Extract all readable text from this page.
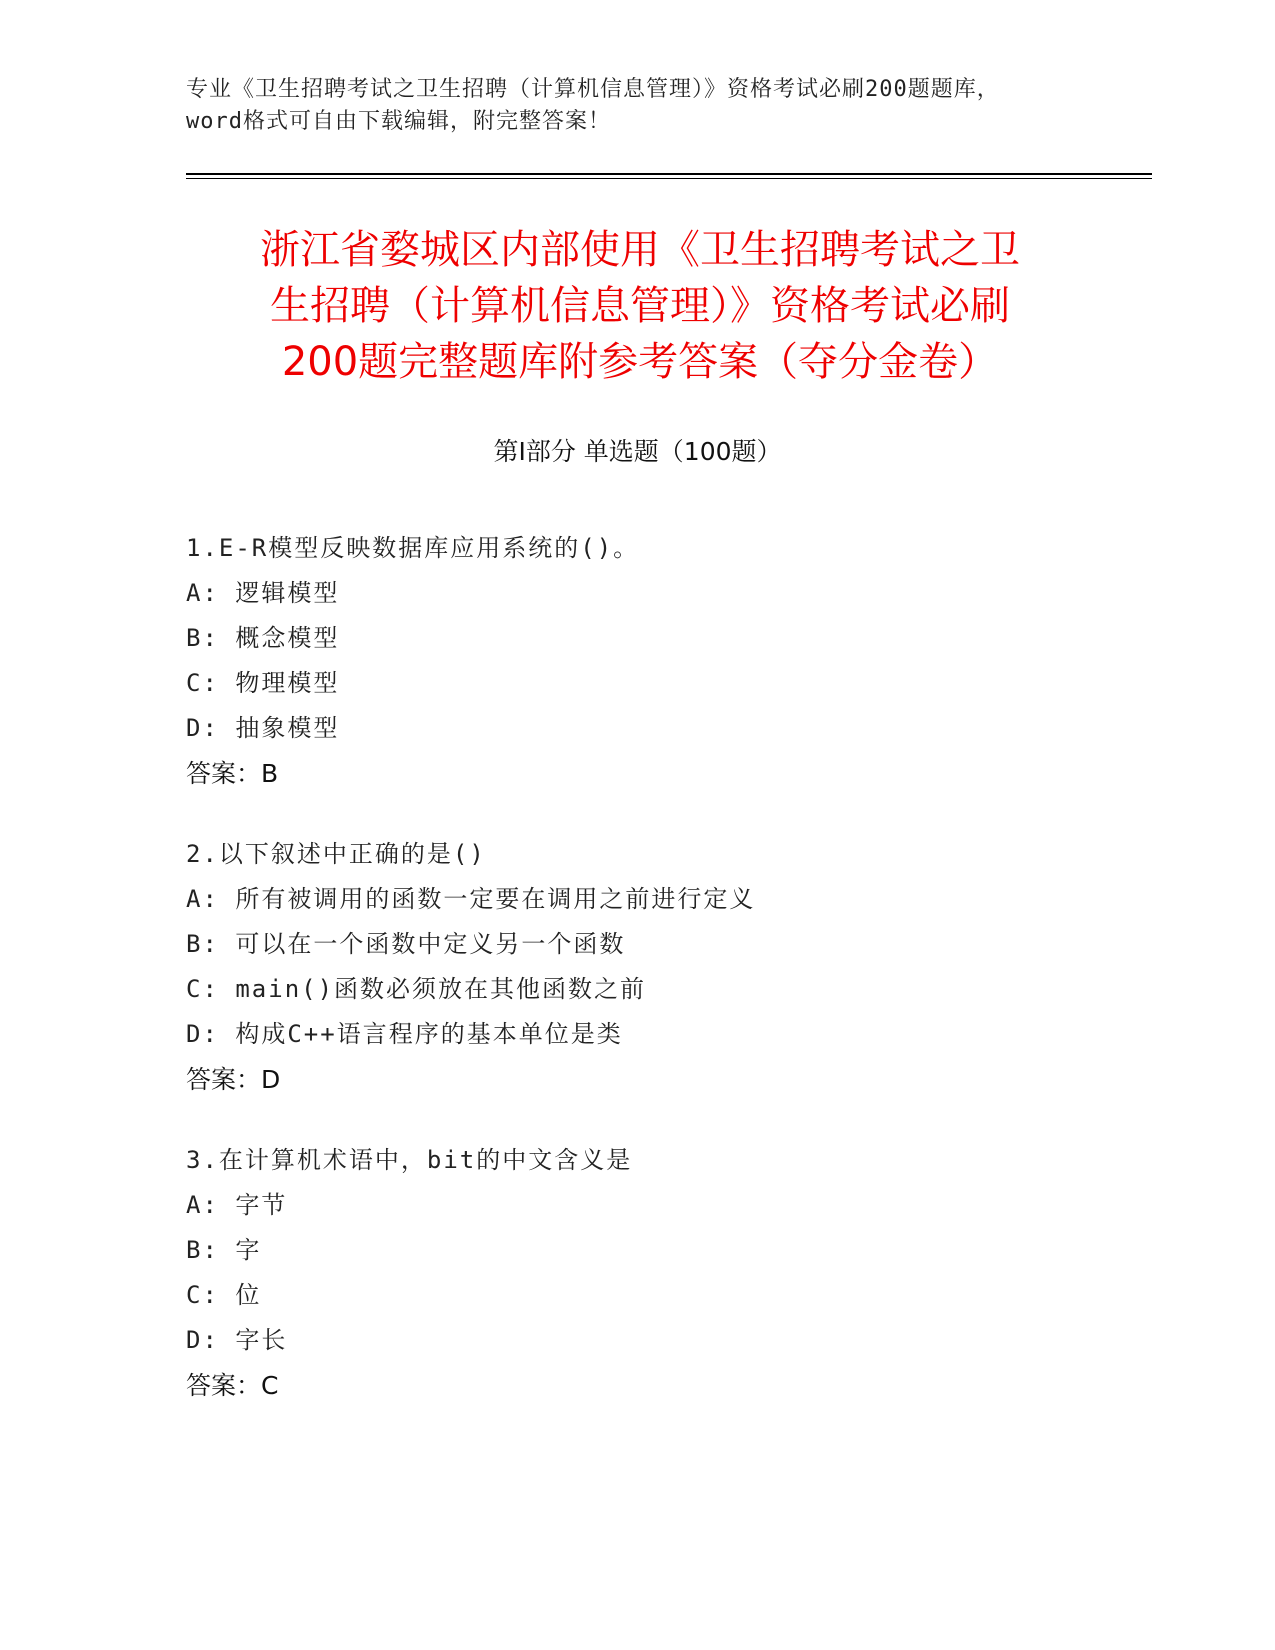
专业《卫生招聘考试之卫生招聘（计算机信息管理）》资格考试必刷200题题库，
word格式可自由下载编辑，附完整答案！
浙江省婺城区内部使用《卫生招聘考试之卫
生招聘（计算机信息管理）》资格考试必刷
200题完整题库附参考答案（夺分金卷）
第Ⅰ部分 单选题（100题）
1.E-R模型反映数据库应用系统的()。
A: 逻辑模型
B: 概念模型
C: 物理模型
D: 抽象模型
答案：B
2.以下叙述中正确的是()
A: 所有被调用的函数一定要在调用之前进行定义
B: 可以在一个函数中定义另一个函数
C: main()函数必须放在其他函数之前
D: 构成C++语言程序的基本单位是类
答案：D
3.在计算机术语中，bit的中文含义是
A: 字节
B: 字
C: 位
D: 字长
答案：C
